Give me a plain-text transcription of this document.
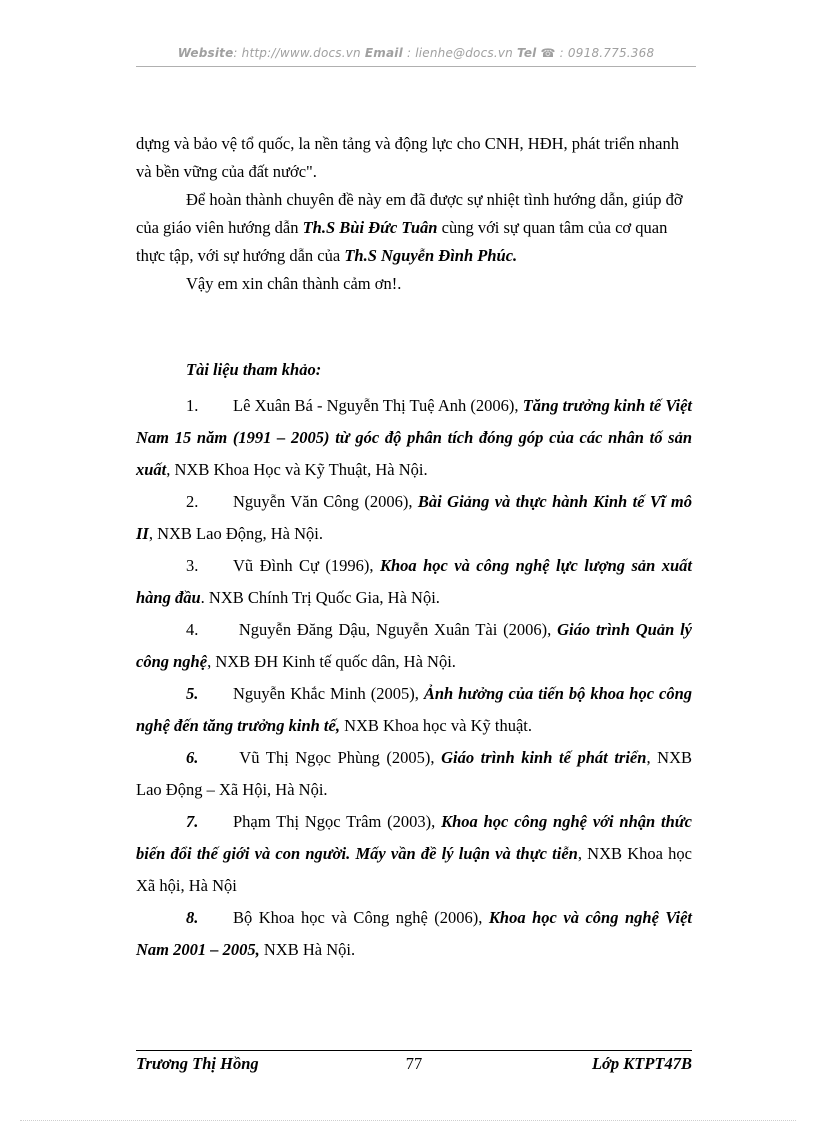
Website: http://www.docs.vn Email : lienhe@docs.vn Tel ☎ : 0918.775.368

dựng và bảo vệ tổ quốc, la nền tảng và động lực cho CNH, HĐH, phát triển nhanh và bền vững của đất nước".

Để hoàn thành chuyên đề này em đã được sự nhiệt tình hướng dẫn, giúp đỡ của giáo viên hướng dẫn Th.S Bùi Đức Tuân cùng với sự quan tâm của cơ quan thực tập, với sự hướng dẫn của Th.S Nguyễn Đình Phúc.

Vậy em xin chân thành cảm ơn!.

Tài liệu tham khảo:

1. Lê Xuân Bá - Nguyễn Thị Tuệ Anh (2006), Tăng trưởng kinh tế Việt Nam 15 năm (1991 – 2005) từ góc độ phân tích đóng góp của các nhân tố sản xuất, NXB Khoa Học và Kỹ Thuật, Hà Nội.

2. Nguyễn Văn Công (2006), Bài Giảng và thực hành Kinh tế Vĩ mô II, NXB Lao Động, Hà Nội.

3. Vũ Đình Cự (1996), Khoa học và công nghệ lực lượng sản xuất hàng đầu. NXB Chính Trị Quốc Gia, Hà Nội.

4. Nguyễn Đăng Dậu, Nguyễn Xuân Tài (2006), Giáo trình Quản lý công nghệ, NXB ĐH Kinh tế quốc dân, Hà Nội.

5. Nguyễn Khắc Minh (2005), Ảnh hưởng của tiến bộ khoa học công nghệ đến tăng trưởng kinh tế, NXB Khoa học và Kỹ thuật.

6. Vũ Thị Ngọc Phùng (2005), Giáo trình kinh tế phát triển, NXB Lao Động – Xã Hội, Hà Nội.

7. Phạm Thị Ngọc Trâm (2003), Khoa học công nghệ với nhận thức biến đổi thế giới và con người. Mấy vần đề lý luận và thực tiễn, NXB Khoa học Xã hội, Hà Nội

8. Bộ Khoa học và Công nghệ (2006), Khoa học và công nghệ Việt Nam 2001 – 2005, NXB Hà Nội.

Trương Thị Hồng	77	Lớp KTPT47B
